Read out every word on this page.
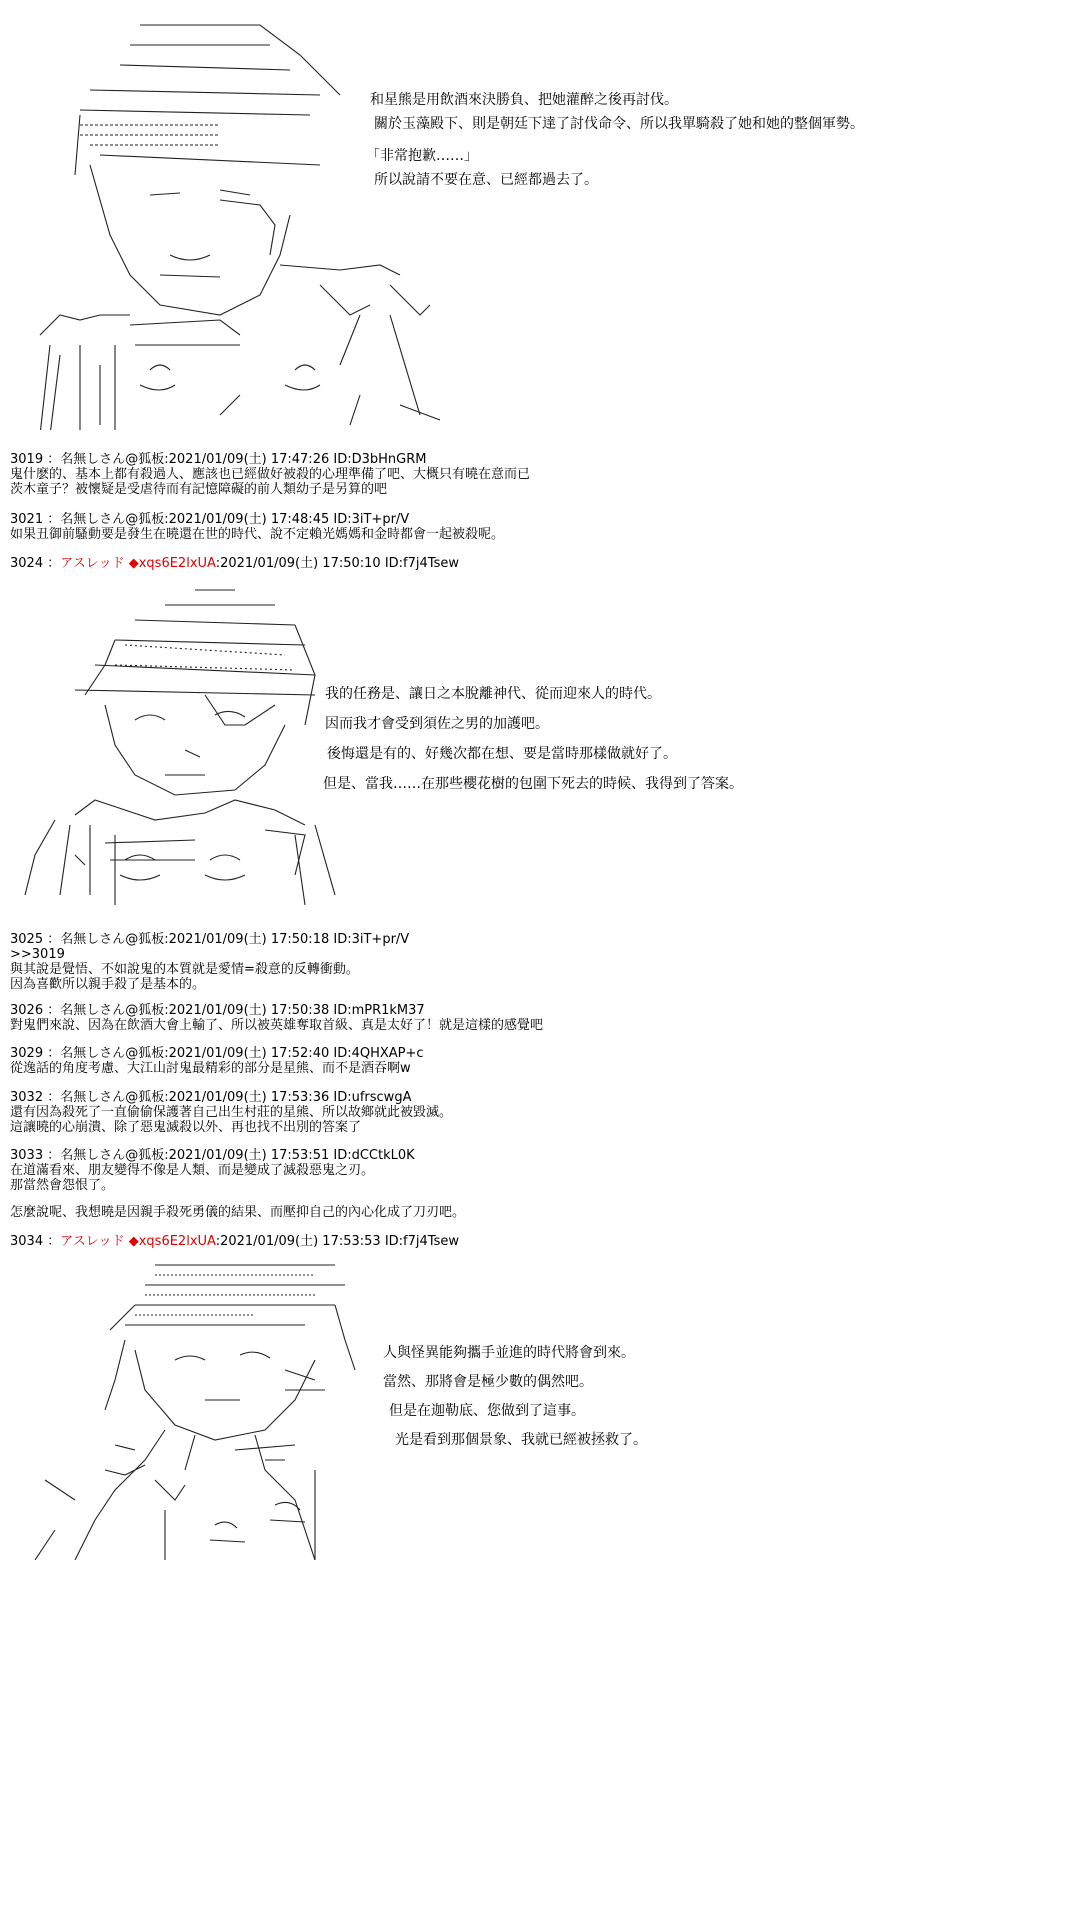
和星熊是用飲酒來決勝負、把她灌醉之後再討伐。
關於玉藻殿下、則是朝廷下達了討伐命令、所以我單騎殺了她和她的整個軍勢。
「非常抱歉……」
所以說請不要在意、已經都過去了。
3019 ：名無しさん@狐板:2021/01/09(土) 17:47:26 ID:D3bHnGRM
鬼什麽的、基本上都有殺過人、應該也已經做好被殺的心理準備了吧、大概只有曉在意而已
茨木童子？被懷疑是受虐待而有記憶障礙的前人類幼子是另算的吧
3021 ：名無しさん@狐板:2021/01/09(土) 17:48:45 ID:3iT+pr/V
如果丑御前騷動要是發生在曉還在世的時代、說不定賴光媽媽和金時都會一起被殺呢。
3024 ：アスレッド ◆xqs6E2lxUA:2021/01/09(土) 17:50:10 ID:f7j4Tsew
我的任務是、讓日之本脫離神代、從而迎來人的時代。
因而我才會受到須佐之男的加護吧。
後悔還是有的、好幾次都在想、要是當時那樣做就好了。
但是、當我……在那些櫻花樹的包圍下死去的時候、我得到了答案。
3025 ：名無しさん@狐板:2021/01/09(土) 17:50:18 ID:3iT+pr/V
>>3019
與其說是覺悟、不如說鬼的本質就是愛情=殺意的反轉衝動。
因為喜歡所以親手殺了是基本的。
3026 ：名無しさん@狐板:2021/01/09(土) 17:50:38 ID:mPR1kM37
對鬼們來說、因為在飲酒大會上輸了、所以被英雄奪取首級、真是太好了！就是這樣的感覺吧
3029 ：名無しさん@狐板:2021/01/09(土) 17:52:40 ID:4QHXAP+c
從逸話的角度考慮、大江山討鬼最精彩的部分是星熊、而不是酒吞啊w
3032 ：名無しさん@狐板:2021/01/09(土) 17:53:36 ID:ufrscwgA
還有因為殺死了一直偷偷保護著自己出生村莊的星熊、所以故鄉就此被毀滅。
這讓曉的心崩潰、除了惡鬼滅殺以外、再也找不出別的答案了
3033 ：名無しさん@狐板:2021/01/09(土) 17:53:51 ID:dCCtkL0K
在道滿看來、朋友變得不像是人類、而是變成了滅殺惡鬼之刃。
那當然會怨恨了。
怎麼說呢、我想曉是因親手殺死勇儀的結果、而壓抑自己的內心化成了刀刃吧。
3034 ：アスレッド ◆xqs6E2lxUA:2021/01/09(土) 17:53:53 ID:f7j4Tsew
人與怪異能夠攜手並進的時代將會到來。
當然、那將會是極少數的偶然吧。
但是在迦勒底、您做到了這事。
光是看到那個景象、我就已經被拯救了。
